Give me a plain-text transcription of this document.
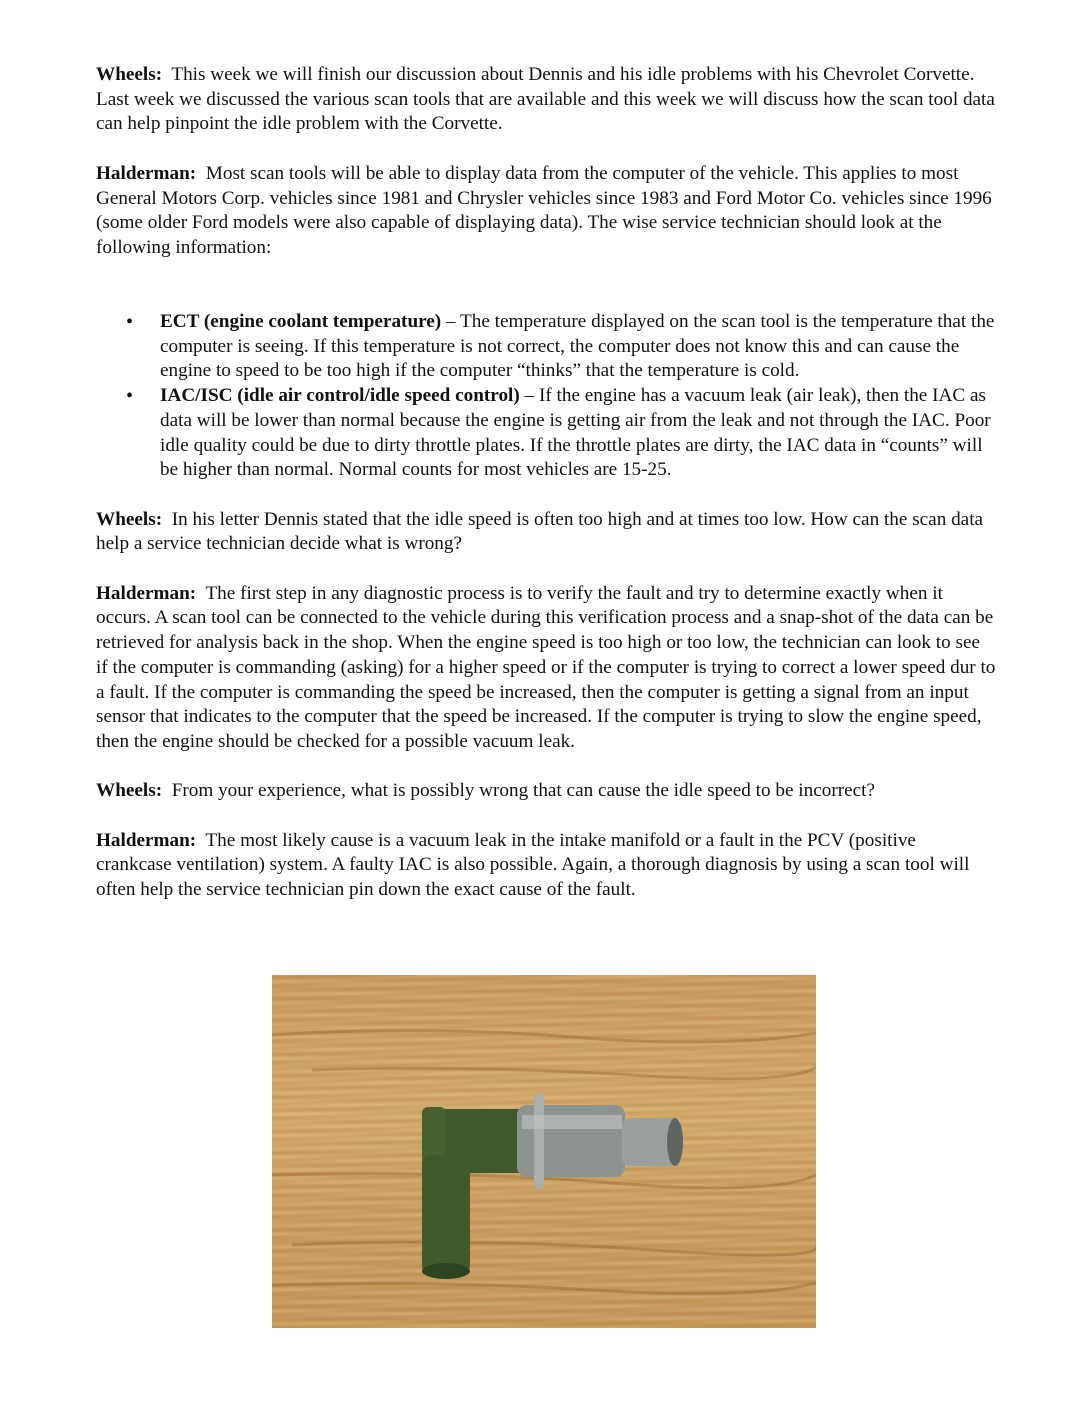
Wheels: This week we will finish our discussion about Dennis and his idle problems with his Chevrolet Corvette. Last week we discussed the various scan tools that are available and this week we will discuss how the scan tool data can help pinpoint the idle problem with the Corvette.

Halderman: Most scan tools will be able to display data from the computer of the vehicle. This applies to most General Motors Corp. vehicles since 1981 and Chrysler vehicles since 1983 and Ford Motor Co. vehicles since 1996 (some older Ford models were also capable of displaying data). The wise service technician should look at the following information:

• ECT (engine coolant temperature) – The temperature displayed on the scan tool is the temperature that the computer is seeing. If this temperature is not correct, the computer does not know this and can cause the engine to speed to be too high if the computer “thinks” that the temperature is cold.
• IAC/ISC (idle air control/idle speed control) – If the engine has a vacuum leak (air leak), then the IAC as data will be lower than normal because the engine is getting air from the leak and not through the IAC. Poor idle quality could be due to dirty throttle plates. If the throttle plates are dirty, the IAC data in “counts” will be higher than normal. Normal counts for most vehicles are 15-25.

Wheels: In his letter Dennis stated that the idle speed is often too high and at times too low. How can the scan data help a service technician decide what is wrong?

Halderman: The first step in any diagnostic process is to verify the fault and try to determine exactly when it occurs. A scan tool can be connected to the vehicle during this verification process and a snap-shot of the data can be retrieved for analysis back in the shop. When the engine speed is too high or too low, the technician can look to see if the computer is commanding (asking) for a higher speed or if the computer is trying to correct a lower speed dur to a fault. If the computer is commanding the speed be increased, then the computer is getting a signal from an input sensor that indicates to the computer that the speed be increased. If the computer is trying to slow the engine speed, then the engine should be checked for a possible vacuum leak.

Wheels: From your experience, what is possibly wrong that can cause the idle speed to be incorrect?

Halderman: The most likely cause is a vacuum leak in the intake manifold or a fault in the PCV (positive crankcase ventilation) system. A faulty IAC is also possible. Again, a thorough diagnosis by using a scan tool will often help the service technician pin down the exact cause of the fault.
